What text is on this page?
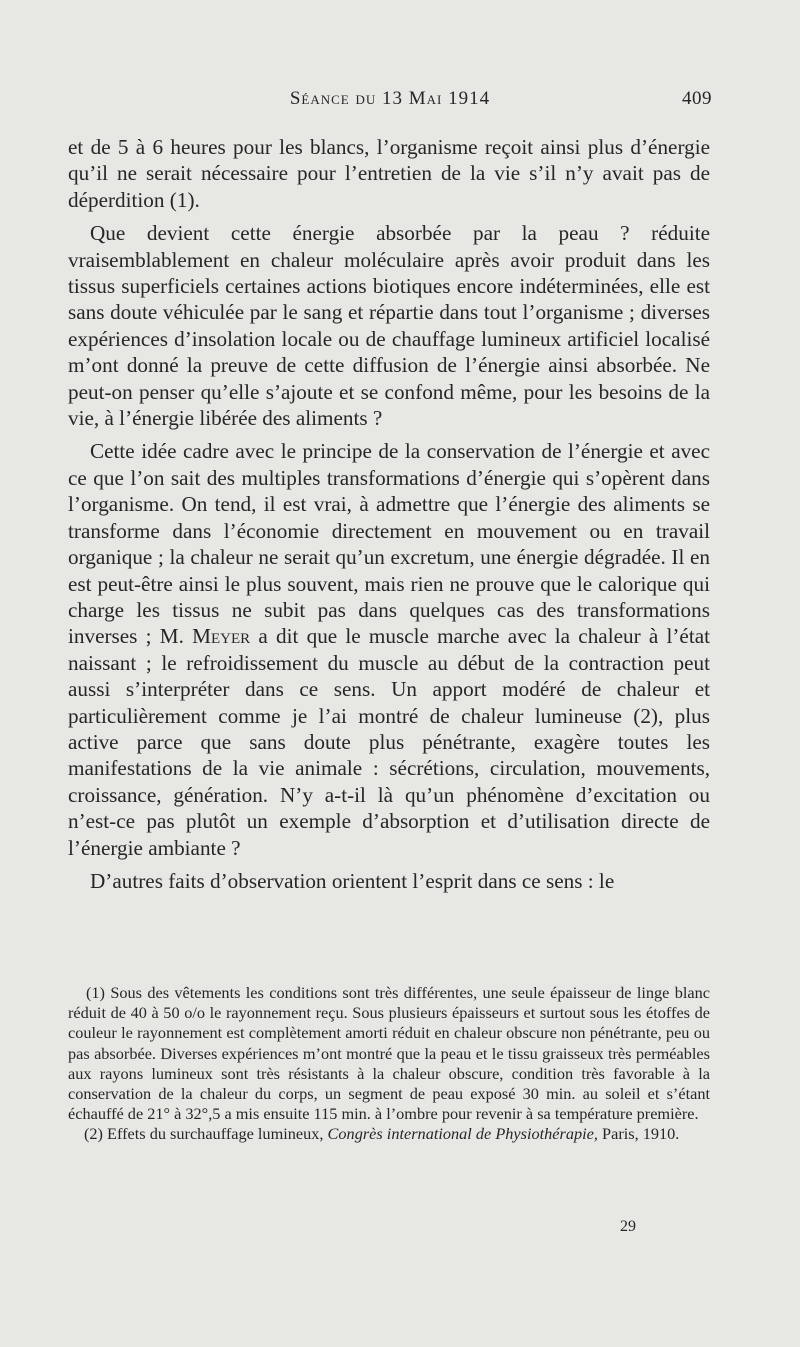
Séance du 13 Mai 1914	409

et de 5 à 6 heures pour les blancs, l’organisme reçoit ainsi plus d’énergie qu’il ne serait nécessaire pour l’entretien de la vie s’il n’y avait pas de déperdition (1).

Que devient cette énergie absorbée par la peau ? réduite vraisemblablement en chaleur moléculaire après avoir produit dans les tissus superficiels certaines actions biotiques encore indéterminées, elle est sans doute véhiculée par le sang et répartie dans tout l’organisme ; diverses expériences d’insolation locale ou de chauffage lumineux artificiel localisé m’ont donné la preuve de cette diffusion de l’énergie ainsi absorbée. Ne peut-on penser qu’elle s’ajoute et se confond même, pour les besoins de la vie, à l’énergie libérée des aliments ?

Cette idée cadre avec le principe de la conservation de l’énergie et avec ce que l’on sait des multiples transformations d’énergie qui s’opèrent dans l’organisme. On tend, il est vrai, à admettre que l’énergie des aliments se transforme dans l’économie directement en mouvement ou en travail organique ; la chaleur ne serait qu’un excretum, une énergie dégradée. Il en est peut-être ainsi le plus souvent, mais rien ne prouve que le calorique qui charge les tissus ne subit pas dans quelques cas des transformations inverses ; M. Meyer a dit que le muscle marche avec la chaleur à l’état naissant ; le refroidissement du muscle au début de la contraction peut aussi s’interpréter dans ce sens. Un apport modéré de chaleur et particulièrement comme je l’ai montré de chaleur lumineuse (2), plus active parce que sans doute plus pénétrante, exagère toutes les manifestations de la vie animale : sécrétions, circulation, mouvements, croissance, génération. N’y a-t-il là qu’un phénomène d’excitation ou n’est-ce pas plutôt un exemple d’absorption et d’utilisation directe de l’énergie ambiante ?

D’autres faits d’observation orientent l’esprit dans ce sens : le

(1) Sous des vêtements les conditions sont très différentes, une seule épaisseur de linge blanc réduit de 40 à 50 o/o le rayonnement reçu. Sous plusieurs épaisseurs et surtout sous les étoffes de couleur le rayonnement est complètement amorti réduit en chaleur obscure non pénétrante, peu ou pas absorbée. Diverses expériences m’ont montré que la peau et le tissu graisseux très perméables aux rayons lumineux sont très résistants à la chaleur obscure, condition très favorable à la conservation de la chaleur du corps, un segment de peau exposé 30 min. au soleil et s’étant échauffé de 21° à 32°,5 a mis ensuite 115 min. à l’ombre pour revenir à sa température première.

(2) Effets du surchauffage lumineux, Congrès international de Physiothérapie, Paris, 1910.

29
